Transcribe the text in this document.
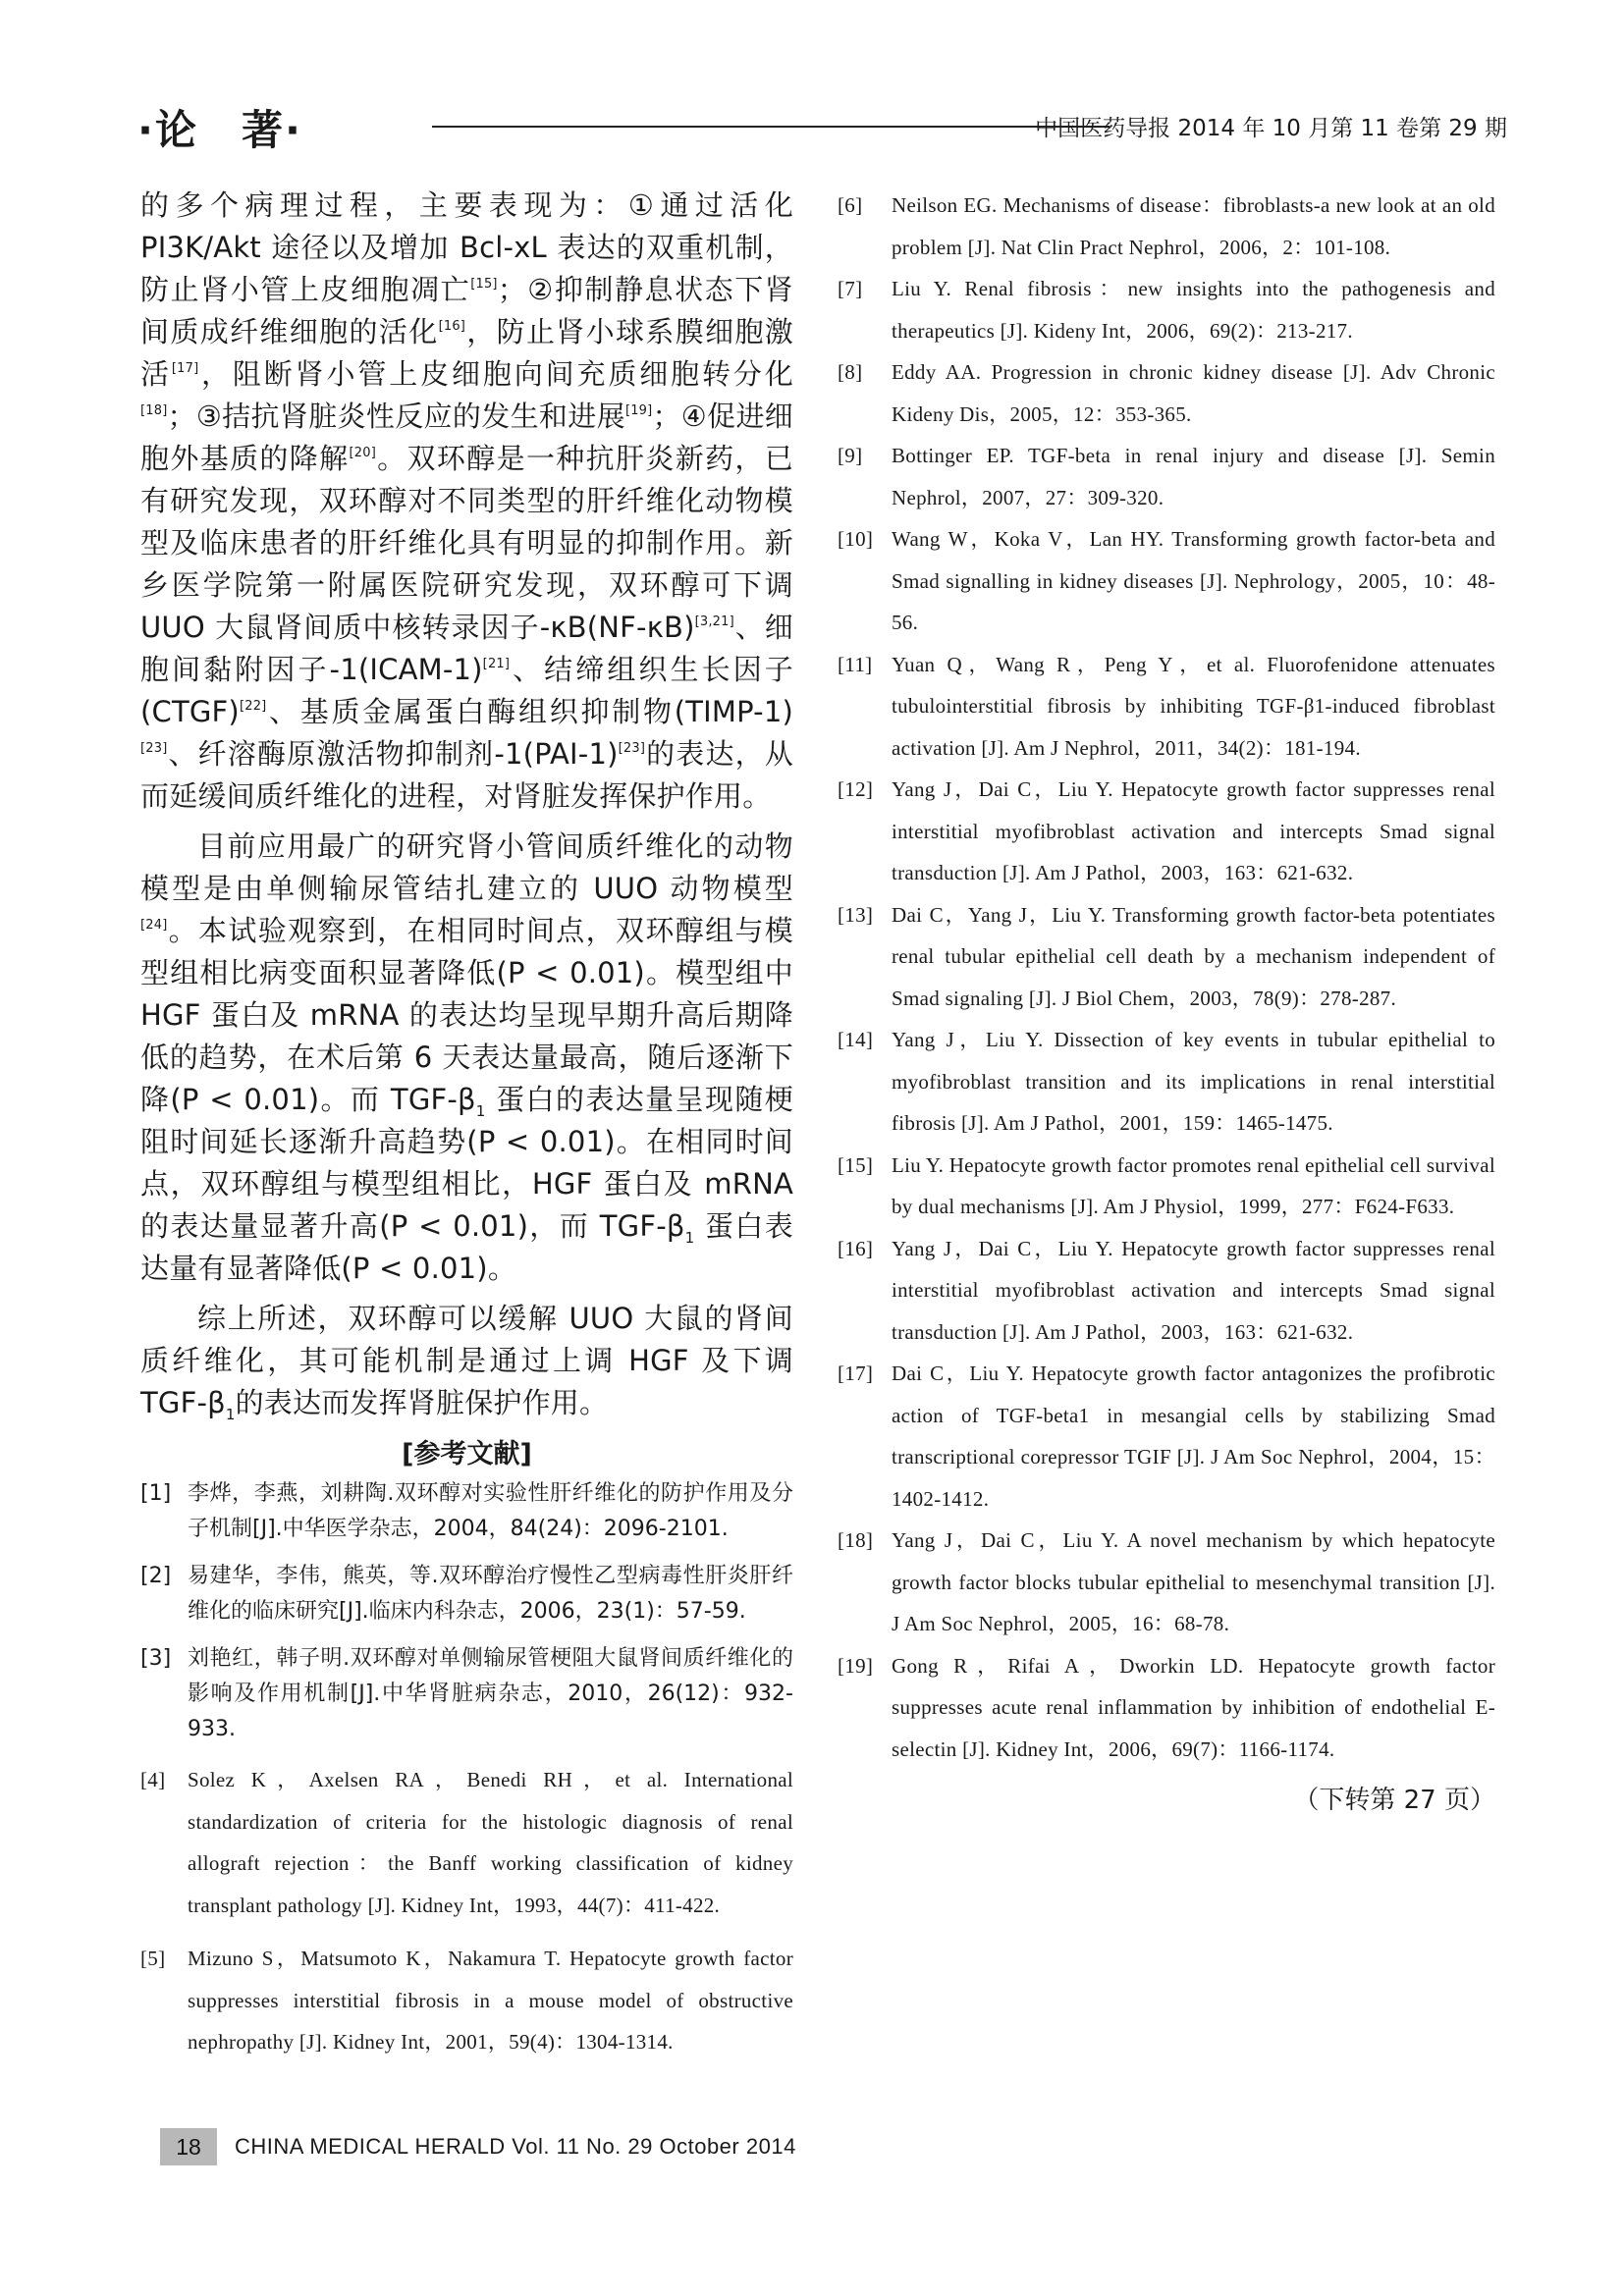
·论　著·	中国医药导报 2014 年 10 月第 11 卷第 29 期

的多个病理过程，主要表现为：①通过活化 PI3K/Akt 途径以及增加 Bcl-xL 表达的双重机制，防止肾小管上皮细胞凋亡[15]；②抑制静息状态下肾间质成纤维细胞的活化[16]，防止肾小球系膜细胞激活[17]，阻断肾小管上皮细胞向间充质细胞转分化[18]；③拮抗肾脏炎性反应的发生和进展[19]；④促进细胞外基质的降解[20]。双环醇是一种抗肝炎新药，已有研究发现，双环醇对不同类型的肝纤维化动物模型及临床患者的肝纤维化具有明显的抑制作用。新乡医学院第一附属医院研究发现，双环醇可下调 UUO 大鼠肾间质中核转录因子-κB(NF-κB)[3,21]、细胞间黏附因子-1(ICAM-1)[21]、结缔组织生长因子(CTGF)[22]、基质金属蛋白酶组织抑制物(TIMP-1)[23]、纤溶酶原激活物抑制剂-1(PAI-1)[23]的表达，从而延缓间质纤维化的进程，对肾脏发挥保护作用。

目前应用最广的研究肾小管间质纤维化的动物模型是由单侧输尿管结扎建立的 UUO 动物模型[24]。本试验观察到，在相同时间点，双环醇组与模型组相比病变面积显著降低(P < 0.01)。模型组中 HGF 蛋白及 mRNA 的表达均呈现早期升高后期降低的趋势，在术后第 6 天表达量最高，随后逐渐下降(P < 0.01)。而 TGF-$\beta_1$ 蛋白的表达量呈现随梗阻时间延长逐渐升高趋势(P < 0.01)。在相同时间点，双环醇组与模型组相比，HGF 蛋白及 mRNA 的表达量显著升高(P < 0.01)，而 TGF-$\beta_1$ 蛋白表达量有显著降低(P < 0.01)。

综上所述，双环醇可以缓解 UUO 大鼠的肾间质纤维化，其可能机制是通过上调 HGF 及下调 TGF-$\beta_1$的表达而发挥肾脏保护作用。

[参考文献]
[1] 李烨，李燕，刘耕陶.双环醇对实验性肝纤维化的防护作用及分子机制[J].中华医学杂志，2004，84(24)：2096-2101.
[2] 易建华，李伟，熊英，等.双环醇治疗慢性乙型病毒性肝炎肝纤维化的临床研究[J].临床内科杂志，2006，23(1)：57-59.
[3] 刘艳红，韩子明.双环醇对单侧输尿管梗阻大鼠肾间质纤维化的影响及作用机制[J].中华肾脏病杂志，2010，26(12)：932-933.
[4] Solez K，Axelsen RA，Benedi RH，et al. International standardization of criteria for the histologic diagnosis of renal allograft rejection：the Banff working classification of kidney transplant pathology [J]. Kidney Int，1993，44(7)：411-422.
[5] Mizuno S，Matsumoto K，Nakamura T. Hepatocyte growth factor suppresses interstitial fibrosis in a mouse model of obstructive nephropathy [J]. Kidney Int，2001，59(4)：1304-1314.
[6] Neilson EG. Mechanisms of disease：fibroblasts-a new look at an old problem [J]. Nat Clin Pract Nephrol，2006，2：101-108.
[7] Liu Y. Renal fibrosis：new insights into the pathogenesis and therapeutics [J]. Kideny Int，2006，69(2)：213-217.
[8] Eddy AA. Progression in chronic kidney disease [J]. Adv Chronic Kideny Dis，2005，12：353-365.
[9] Bottinger EP. TGF-beta in renal injury and disease [J]. Semin Nephrol，2007，27：309-320.
[10] Wang W，Koka V，Lan HY. Transforming growth factor-beta and Smad signalling in kidney diseases [J]. Nephrology，2005，10：48-56.
[11] Yuan Q，Wang R，Peng Y，et al. Fluorofenidone attenuates tubulointerstitial fibrosis by inhibiting TGF-β1-induced fibroblast activation [J]. Am J Nephrol，2011，34(2)：181-194.
[12] Yang J，Dai C，Liu Y. Hepatocyte growth factor suppresses renal interstitial myofibroblast activation and intercepts Smad signal transduction [J]. Am J Pathol，2003，163：621-632.
[13] Dai C，Yang J，Liu Y. Transforming growth factor-beta potentiates renal tubular epithelial cell death by a mechanism independent of Smad signaling [J]. J Biol Chem，2003，78(9)：278-287.
[14] Yang J，Liu Y. Dissection of key events in tubular epithelial to myofibroblast transition and its implications in renal interstitial fibrosis [J]. Am J Pathol，2001，159：1465-1475.
[15] Liu Y. Hepatocyte growth factor promotes renal epithelial cell survival by dual mechanisms [J]. Am J Physiol，1999，277：F624-F633.
[16] Yang J，Dai C，Liu Y. Hepatocyte growth factor suppresses renal interstitial myofibroblast activation and intercepts Smad signal transduction [J]. Am J Pathol，2003，163：621-632.
[17] Dai C，Liu Y. Hepatocyte growth factor antagonizes the profibrotic action of TGF-beta1 in mesangial cells by stabilizing Smad transcriptional corepressor TGIF [J]. J Am Soc Nephrol，2004，15：1402-1412.
[18] Yang J，Dai C，Liu Y. A novel mechanism by which hepatocyte growth factor blocks tubular epithelial to mesenchymal transition [J]. J Am Soc Nephrol，2005，16：68-78.
[19] Gong R，Rifai A，Dworkin LD. Hepatocyte growth factor suppresses acute renal inflammation by inhibition of endothelial E-selectin [J]. Kidney Int，2006，69(7)：1166-1174.
（下转第 27 页）
18	CHINA MEDICAL HERALD Vol. 11 No. 29 October 2014
